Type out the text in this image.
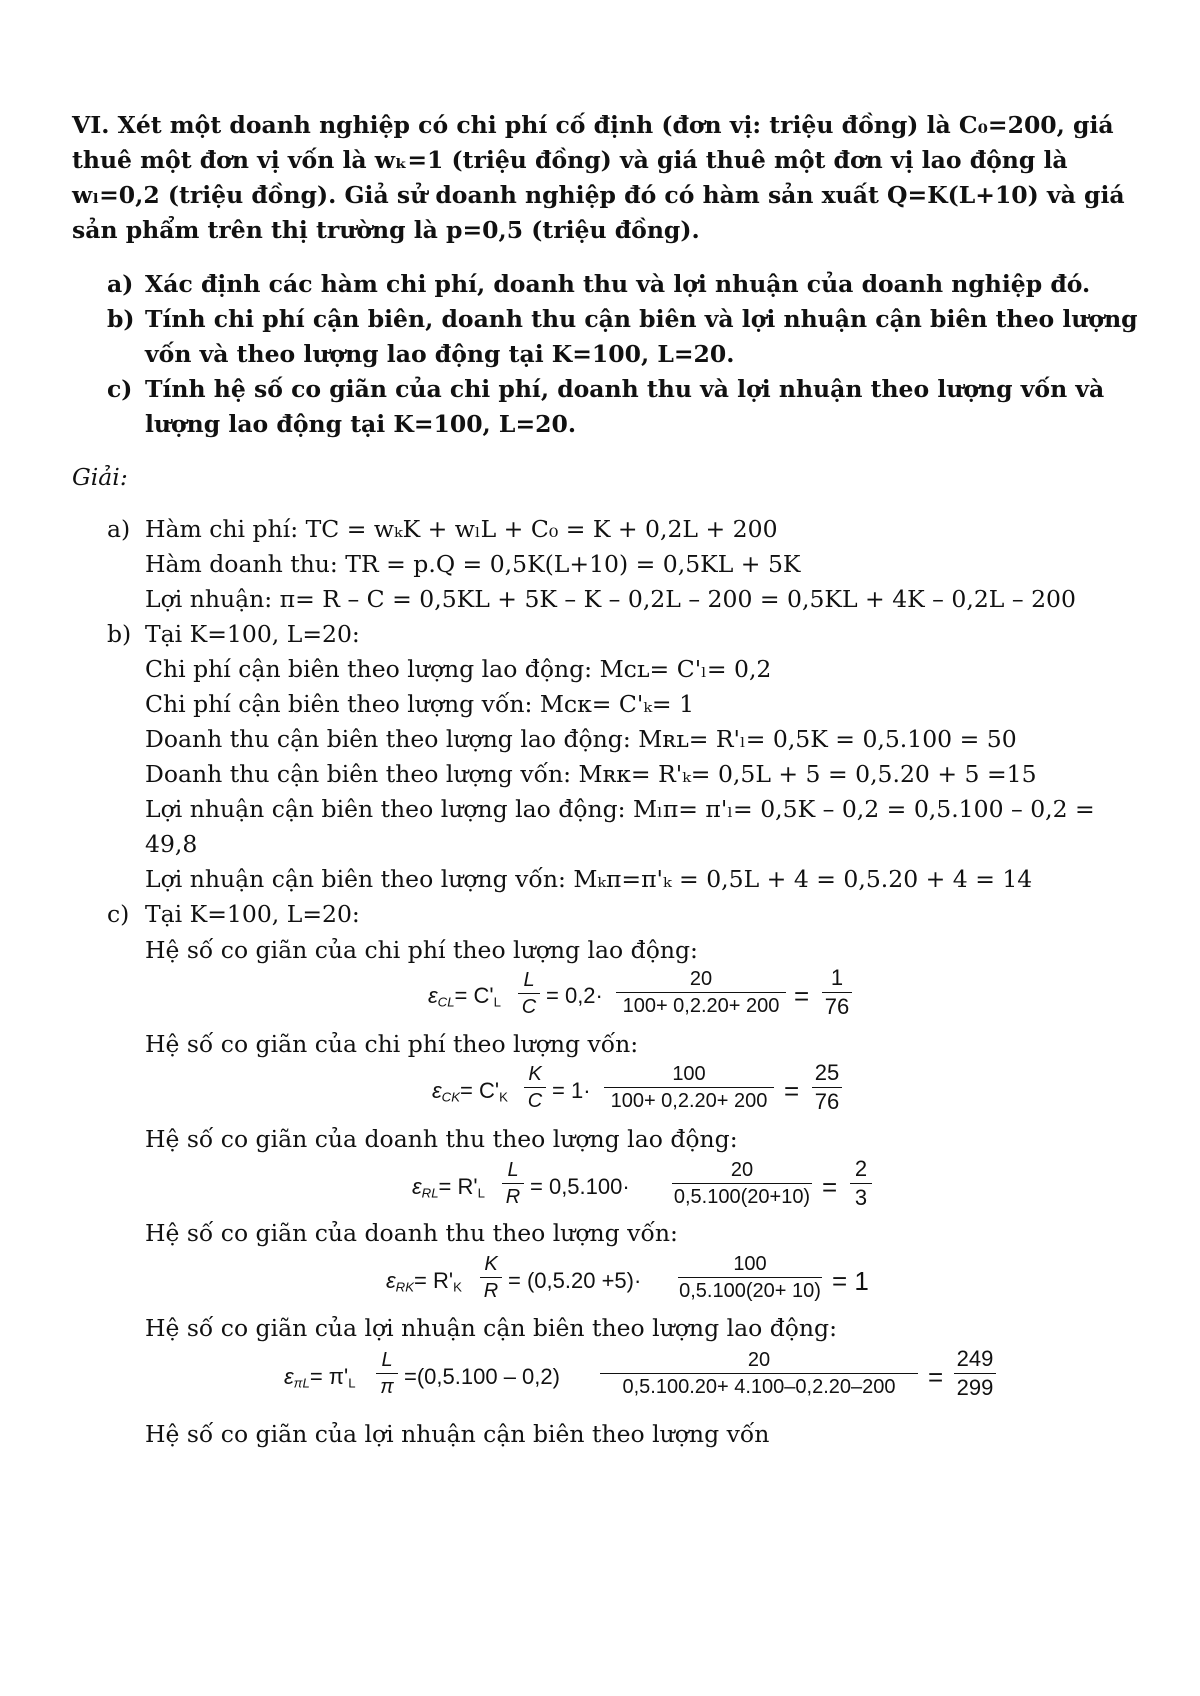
VI. Xét một doanh nghiệp có chi phí cố định (đơn vị: triệu đồng) là C₀=200, giá
thuê một đơn vị vốn là wₖ=1 (triệu đồng) và giá thuê một đơn vị lao động là
wₗ=0,2 (triệu đồng). Giả sử doanh nghiệp đó có hàm sản xuất Q=K(L+10) và giá
sản phẩm trên thị trường là p=0,5 (triệu đồng).
a) Xác định các hàm chi phí, doanh thu và lợi nhuận của doanh nghiệp đó.
b) Tính chi phí cận biên, doanh thu cận biên và lợi nhuận cận biên theo lượng
vốn và theo lượng lao động tại K=100, L=20.
c) Tính hệ số co giãn của chi phí, doanh thu và lợi nhuận theo lượng vốn và
lượng lao động tại K=100, L=20.
Giải:
a) Hàm chi phí: TC = wₖK + wₗL + C₀ = K + 0,2L + 200
Hàm doanh thu: TR = p.Q = 0,5K(L+10) = 0,5KL + 5K
Lợi nhuận: π= R – C = 0,5KL + 5K – K – 0,2L – 200 = 0,5KL + 4K – 0,2L – 200
b) Tại K=100, L=20:
Chi phí cận biên theo lượng lao động: Mᴄʟ= C'ₗ= 0,2
Chi phí cận biên theo lượng vốn: Mᴄᴋ= C'ₖ= 1
Doanh thu cận biên theo lượng lao động: Mʀʟ= R'ₗ= 0,5K = 0,5.100 = 50
Doanh thu cận biên theo lượng vốn: Mʀᴋ= R'ₖ= 0,5L + 5 = 0,5.20 + 5 =15
Lợi nhuận cận biên theo lượng lao động: Mₗπ= π'ₗ= 0,5K – 0,2 = 0,5.100 – 0,2 =
49,8
Lợi nhuận cận biên theo lượng vốn: Mₖπ=π'ₖ = 0,5L + 4 = 0,5.20 + 4 = 14
c) Tại K=100, L=20:
Hệ số co giãn của chi phí theo lượng lao động:
$\varepsilon_{CL}= C'_L \frac{L}{C} = 0,2\cdot \frac{20}{100+ 0,2.20+ 200} = \frac{1}{76}$
Hệ số co giãn của chi phí theo lượng vốn:
$\varepsilon_{CK}= C'_K \frac{K}{C} = 1\cdot \frac{100}{100+ 0,2.20+ 200} = \frac{25}{76}$
Hệ số co giãn của doanh thu theo lượng lao động:
$\varepsilon_{RL}= R'_L \frac{L}{R} = 0,5.100\cdot \frac{20}{0,5.100(20+10)} = \frac{2}{3}$
Hệ số co giãn của doanh thu theo lượng vốn:
$\varepsilon_{RK}= R'_K \frac{K}{R} = (0,5.20 +5)\cdot \frac{100}{0,5.100(20+ 10)} = 1$
Hệ số co giãn của lợi nhuận cận biên theo lượng lao động:
$\varepsilon_{\pi L}= \pi'_L \frac{L}{\pi} =(0,5.100 - 0,2) \frac{20}{0,5.100.20+ 4.100-0,2.20-200} = \frac{249}{299}$
Hệ số co giãn của lợi nhuận cận biên theo lượng vốn
